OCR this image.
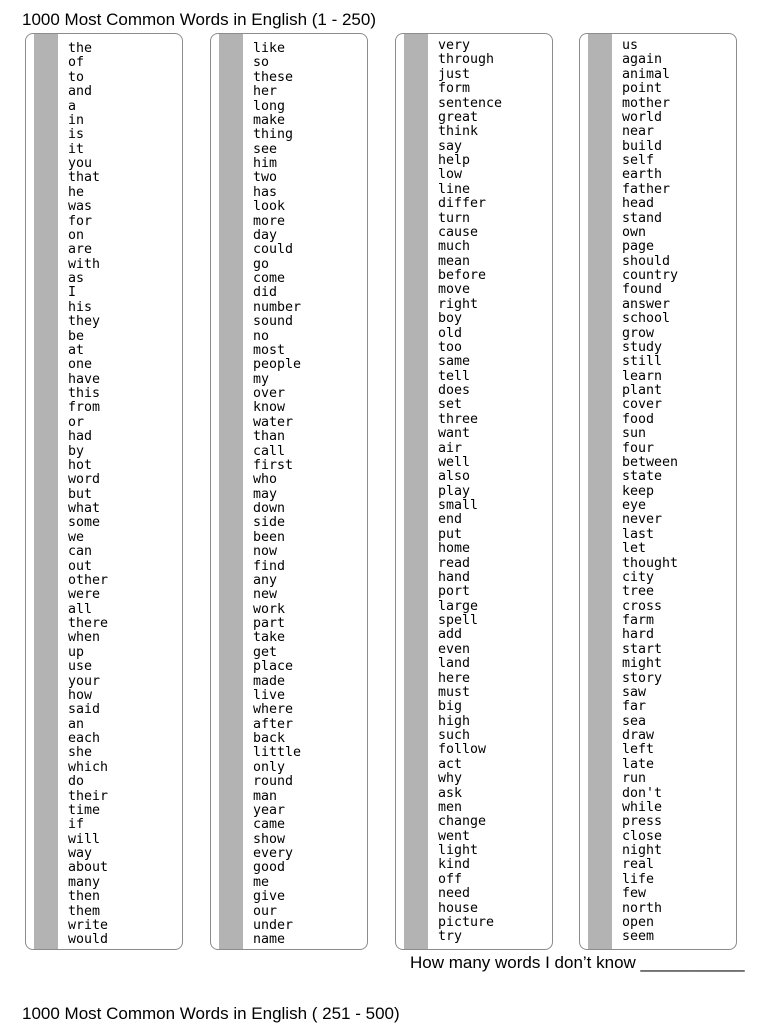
1000 Most Common Words in English (1 - 250)
the
of
to
and
a
in
is
it
you
that
he
was
for
on
are
with
as
I
his
they
be
at
one
have
this
from
or
had
by
hot
word
but
what
some
we
can
out
other
were
all
there
when
up
use
your
how
said
an
each
she
which
do
their
time
if
will
way
about
many
then
them
write
would
like
so
these
her
long
make
thing
see
him
two
has
look
more
day
could
go
come
did
number
sound
no
most
people
my
over
know
water
than
call
first
who
may
down
side
been
now
find
any
new
work
part
take
get
place
made
live
where
after
back
little
only
round
man
year
came
show
every
good
me
give
our
under
name
very
through
just
form
sentence
great
think
say
help
low
line
differ
turn
cause
much
mean
before
move
right
boy
old
too
same
tell
does
set
three
want
air
well
also
play
small
end
put
home
read
hand
port
large
spell
add
even
land
here
must
big
high
such
follow
act
why
ask
men
change
went
light
kind
off
need
house
picture
try
us
again
animal
point
mother
world
near
build
self
earth
father
head
stand
own
page
should
country
found
answer
school
grow
study
still
learn
plant
cover
food
sun
four
between
state
keep
eye
never
last
let
thought
city
tree
cross
farm
hard
start
might
story
saw
far
sea
draw
left
late
run
don't
while
press
close
night
real
life
few
north
open
seem
How many words I don’t know ___________
1000 Most Common Words in English ( 251 - 500)
